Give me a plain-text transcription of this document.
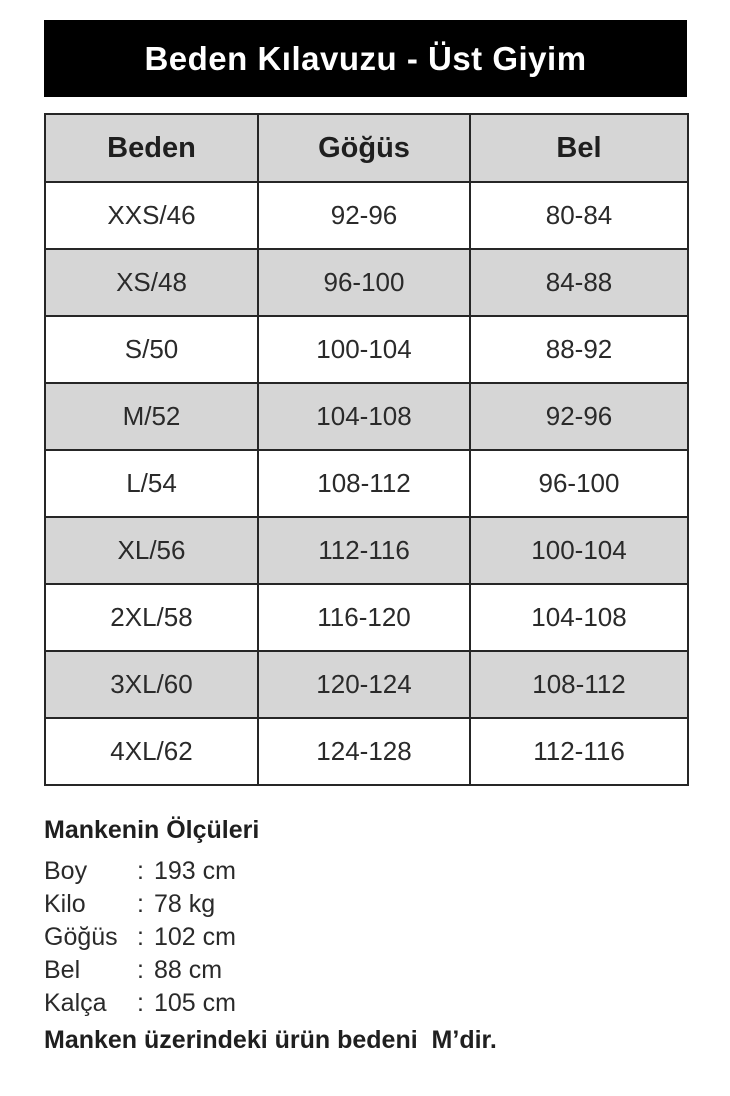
Beden Kılavuzu - Üst Giyim
Beden	Göğüs	Bel
XXS/46	92-96	80-84
XS/48	96-100	84-88
S/50	100-104	88-92
M/52	104-108	92-96
L/54	108-112	96-100
XL/56	112-116	100-104
2XL/58	116-120	104-108
3XL/60	120-124	108-112
4XL/62	124-128	112-116
Mankenin Ölçüleri
Boy	: 193 cm
Kilo	: 78 kg
Göğüs : 102 cm
Bel	: 88 cm
Kalça	: 105 cm
Manken üzerindeki ürün bedeni  M’dir.
